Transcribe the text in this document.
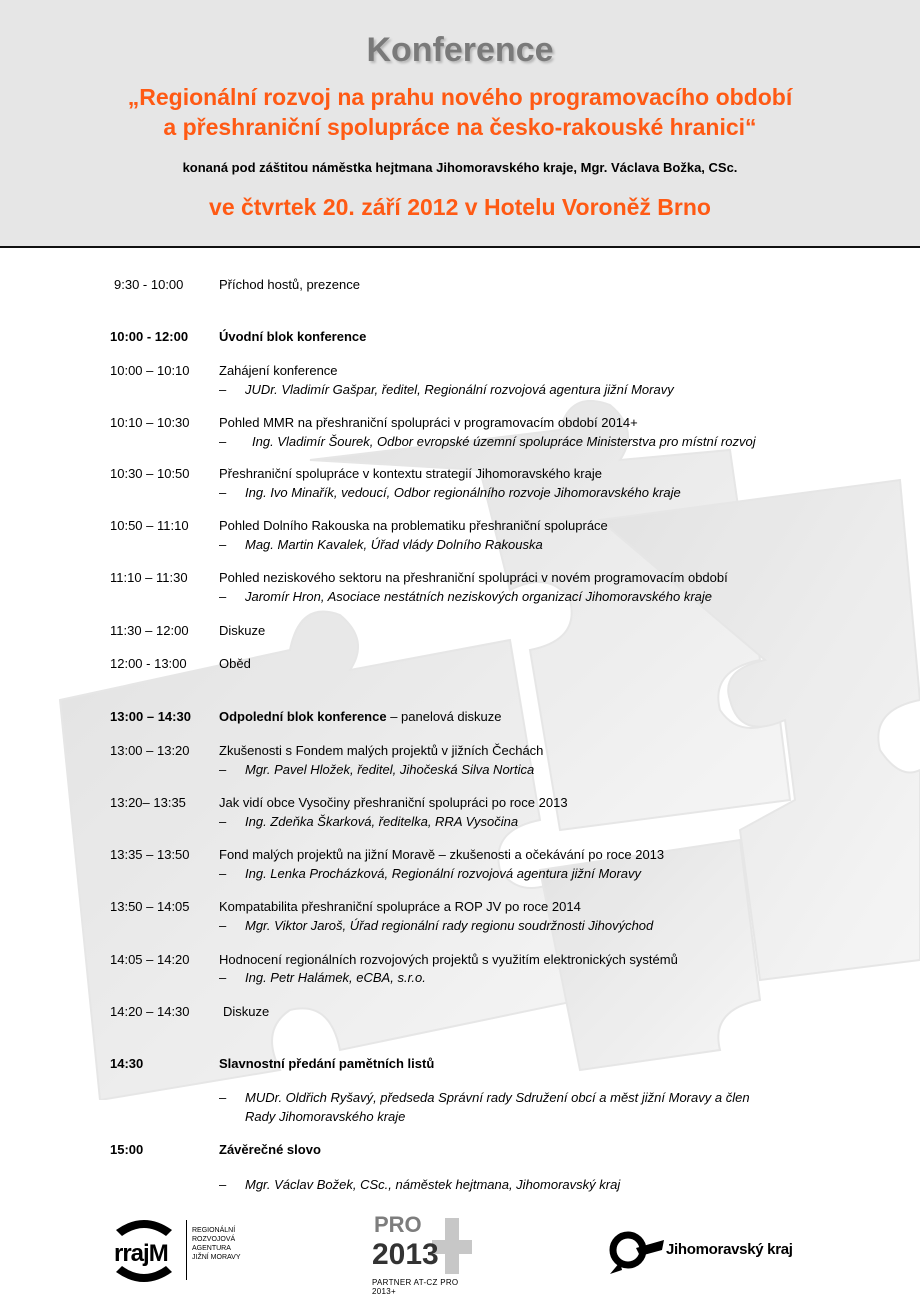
Konference
„Regionální rozvoj na prahu nového programovacího období
a přeshraniční spolupráce na česko-rakouské hranici“
konaná pod záštitou náměstka hejtmana Jihomoravského kraje, Mgr. Václava Božka, CSc.
ve čtvrtek 20. září 2012 v Hotelu Voroněž Brno
9:30 - 10:00	Příchod hostů, prezence
10:00 - 12:00 Úvodní blok konference
10:00 – 10:10 Zahájení konference
– JUDr. Vladimír Gašpar, ředitel, Regionální rozvojová agentura jižní Moravy
10:10 – 10:30 Pohled MMR na přeshraniční spolupráci v programovacím období 2014+
– Ing. Vladimír Šourek, Odbor evropské územní spolupráce Ministerstva pro místní rozvoj
10:30 – 10:50 Přeshraniční spolupráce v kontextu strategií Jihomoravského kraje
– Ing. Ivo Minařík, vedoucí, Odbor regionálního rozvoje Jihomoravského kraje
10:50 – 11:10 Pohled Dolního Rakouska na problematiku přeshraniční spolupráce
– Mag. Martin Kavalek, Úřad vlády Dolního Rakouska
11:10 – 11:30 Pohled neziskového sektoru na přeshraniční spolupráci v novém programovacím období
– Jaromír Hron, Asociace nestátních neziskových organizací Jihomoravského kraje
11:30 – 12:00 Diskuze
12:00 - 13:00 Oběd
13:00 – 14:30 Odpolední blok konference – panelová diskuze
13:00 – 13:20 Zkušenosti s Fondem malých projektů v jižních Čechách
– Mgr. Pavel Hložek, ředitel, Jihočeská Silva Nortica
13:20– 13:35	Jak vidí obce Vysočiny přeshraniční spolupráci po roce 2013
– Ing. Zdeňka Škarková, ředitelka, RRA Vysočina
13:35 – 13:50 Fond malých projektů na jižní Moravě – zkušenosti a očekávání po roce 2013
– Ing. Lenka Procházková, Regionální rozvojová agentura jižní Moravy
13:50 – 14:05 Kompatabilita přeshraniční spolupráce a ROP JV po roce 2014
– Mgr. Viktor Jaroš, Úřad regionální rady regionu soudržnosti Jihovýchod
14:05 – 14:20 Hodnocení regionálních rozvojových projektů s využitím elektronických systémů
– Ing. Petr Halámek, eCBA, s.r.o.
14:20 – 14:30	Diskuze
14:30	Slavnostní předání pamětních listů
– MUDr. Oldřich Ryšavý, předseda Správní rady Sdružení obcí a měst jižní Moravy a člen
Rady Jihomoravského kraje
15:00	Závěrečné slovo
– Mgr. Václav Božek, CSc., náměstek hejtmana, Jihomoravský kraj
rrajM
REGIONÁLNÍ
ROZVOJOVÁ
AGENTURA
JIŽNÍ MORAVY
PRO
2013
PARTNER AT-CZ PRO 2013+
Jihomoravský kraj
